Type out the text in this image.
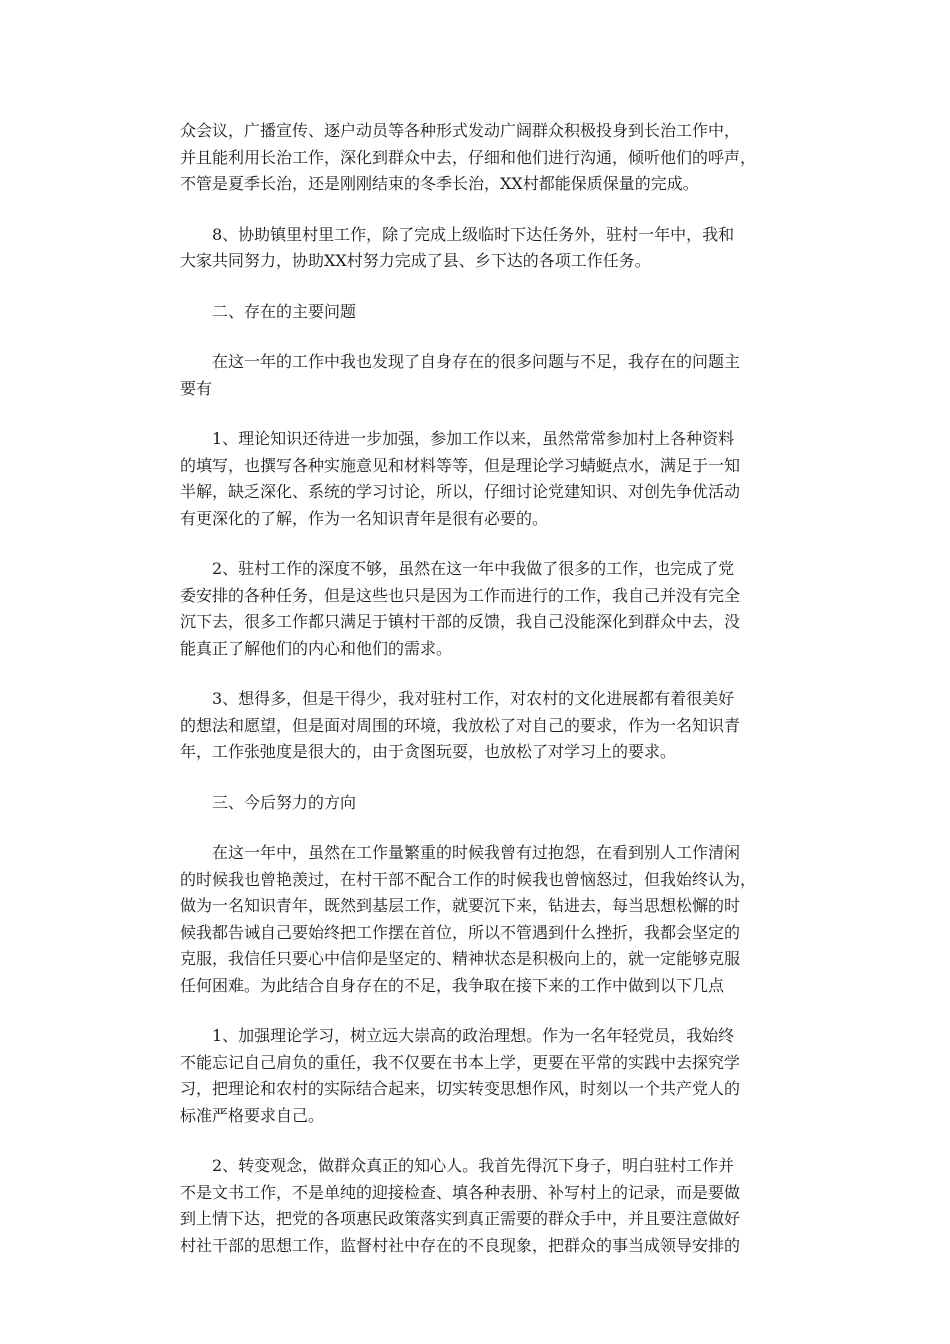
众会议，广播宣传、逐户动员等各种形式发动广阔群众积极投身到长治工作中，
并且能利用长治工作，深化到群众中去，仔细和他们进行沟通，倾听他们的呼声，
不管是夏季长治，还是刚刚结束的冬季长治，XX村都能保质保量的完成。
8、协助镇里村里工作，除了完成上级临时下达任务外，驻村一年中，我和
大家共同努力，协助XX村努力完成了县、乡下达的各项工作任务。
二、存在的主要问题
在这一年的工作中我也发现了自身存在的很多问题与不足，我存在的问题主
要有
1、理论知识还待进一步加强，参加工作以来，虽然常常参加村上各种资料
的填写，也撰写各种实施意见和材料等等，但是理论学习蜻蜓点水，满足于一知
半解，缺乏深化、系统的学习讨论，所以，仔细讨论党建知识、对创先争优活动
有更深化的了解，作为一名知识青年是很有必要的。
2、驻村工作的深度不够，虽然在这一年中我做了很多的工作，也完成了党
委安排的各种任务，但是这些也只是因为工作而进行的工作，我自己并没有完全
沉下去，很多工作都只满足于镇村干部的反馈，我自己没能深化到群众中去，没
能真正了解他们的内心和他们的需求。
3、想得多，但是干得少，我对驻村工作，对农村的文化进展都有着很美好
的想法和愿望，但是面对周围的环境，我放松了对自己的要求，作为一名知识青
年，工作张弛度是很大的，由于贪图玩耍，也放松了对学习上的要求。
三、今后努力的方向
在这一年中，虽然在工作量繁重的时候我曾有过抱怨，在看到别人工作清闲
的时候我也曾艳羡过，在村干部不配合工作的时候我也曾恼怒过，但我始终认为，
做为一名知识青年，既然到基层工作，就要沉下来，钻进去，每当思想松懈的时
候我都告诫自己要始终把工作摆在首位，所以不管遇到什么挫折，我都会坚定的
克服，我信任只要心中信仰是坚定的、精神状态是积极向上的，就一定能够克服
任何困难。为此结合自身存在的不足，我争取在接下来的工作中做到以下几点
1、加强理论学习，树立远大崇高的政治理想。作为一名年轻党员，我始终
不能忘记自己肩负的重任，我不仅要在书本上学，更要在平常的实践中去探究学
习，把理论和农村的实际结合起来，切实转变思想作风，时刻以一个共产党人的
标准严格要求自己。
2、转变观念，做群众真正的知心人。我首先得沉下身子，明白驻村工作并
不是文书工作，不是单纯的迎接检查、填各种表册、补写村上的记录，而是要做
到上情下达，把党的各项惠民政策落实到真正需要的群众手中，并且要注意做好
村社干部的思想工作，监督村社中存在的不良现象，把群众的事当成领导安排的
